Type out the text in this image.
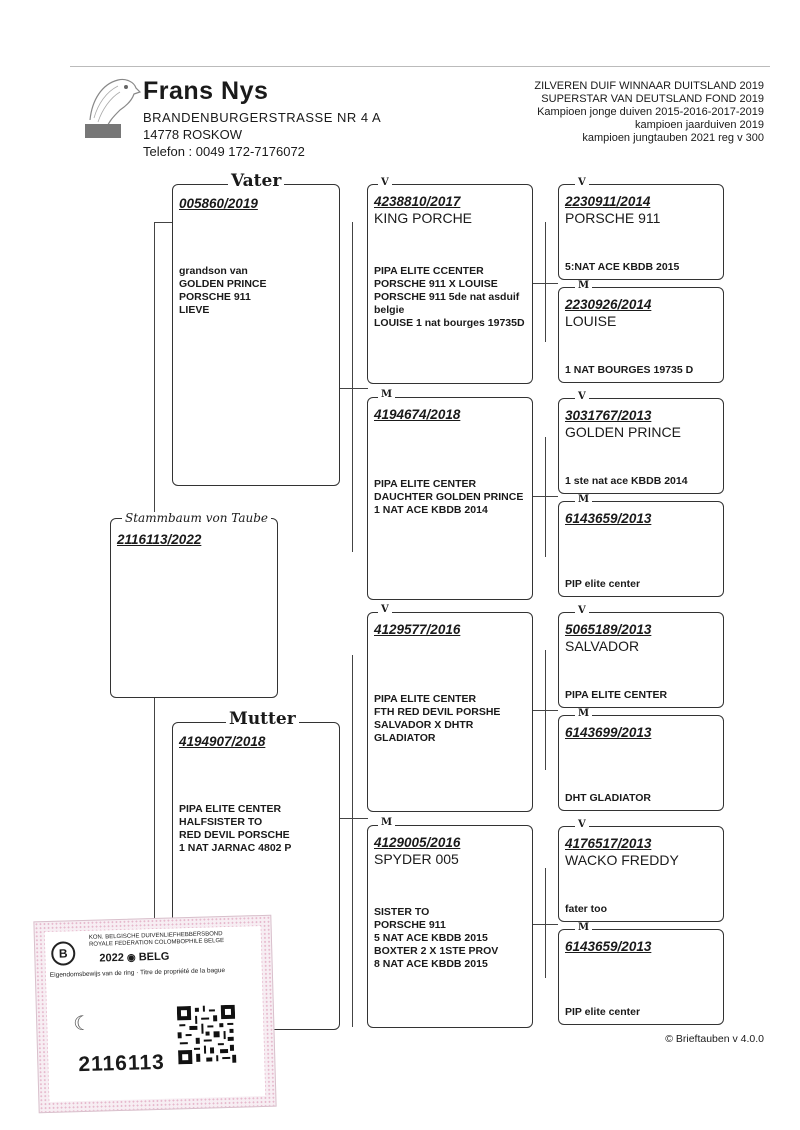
Frans Nys
BRANDENBURGERSTRASSE NR 4 A
14778 ROSKOW
Telefon : 0049 172-7176072
ZILVEREN DUIF WINNAAR DUITSLAND 2019
SUPERSTAR VAN DEUTSLAND FOND 2019
Kampioen jonge duiven 2015-2016-2017-2019
kampioen jaarduiven 2019
kampioen jungtauben 2021 reg v 300
2116113/2022
Stammbaum von Taube
005860/2019
grandson van
GOLDEN PRINCE
PORSCHE 911
LIEVE
Vater
4194907/2018
PIPA ELITE CENTER
HALFSISTER TO
RED DEVIL PORSCHE
1 NAT JARNAC 4802 P
Mutter
4238810/2017
KING PORCHE
PIPA ELITE CCENTER
PORSCHE 911 X LOUISE
PORSCHE 911 5de nat asduif
belgie
LOUISE 1 nat bourges 19735D
V
4194674/2018
PIPA ELITE CENTER
DAUCHTER GOLDEN PRINCE
1 NAT ACE KBDB 2014
M
4129577/2016
PIPA ELITE CENTER
FTH RED DEVIL PORSHE
SALVADOR X DHTR
GLADIATOR
V
4129005/2016
SPYDER 005
SISTER TO
PORSCHE 911
5 NAT ACE KBDB 2015
BOXTER 2 X 1STE PROV
8 NAT ACE KBDB 2015
M
2230911/2014
PORSCHE 911
5:NAT ACE KBDB 2015
V
2230926/2014
LOUISE
1 NAT BOURGES 19735 D
M
3031767/2013
GOLDEN PRINCE
1 ste nat ace KBDB 2014
V
6143659/2013
PIP elite center
M
5065189/2013
SALVADOR
PIPA ELITE CENTER
V
6143699/2013
DHT GLADIATOR
M
4176517/2013
WACKO FREDDY
fater too
V
6143659/2013
PIP elite center
M
© Brieftauben v 4.0.0
B
KON. BELGISCHE DUIVENLIEFHEBBERSBOND
ROYALE FEDERATION COLOMBOPHILE BELGE
2022 ◉ BELG
Eigendomsbewijs van de ring · Titre de propriété de la bague
☾
2116113
